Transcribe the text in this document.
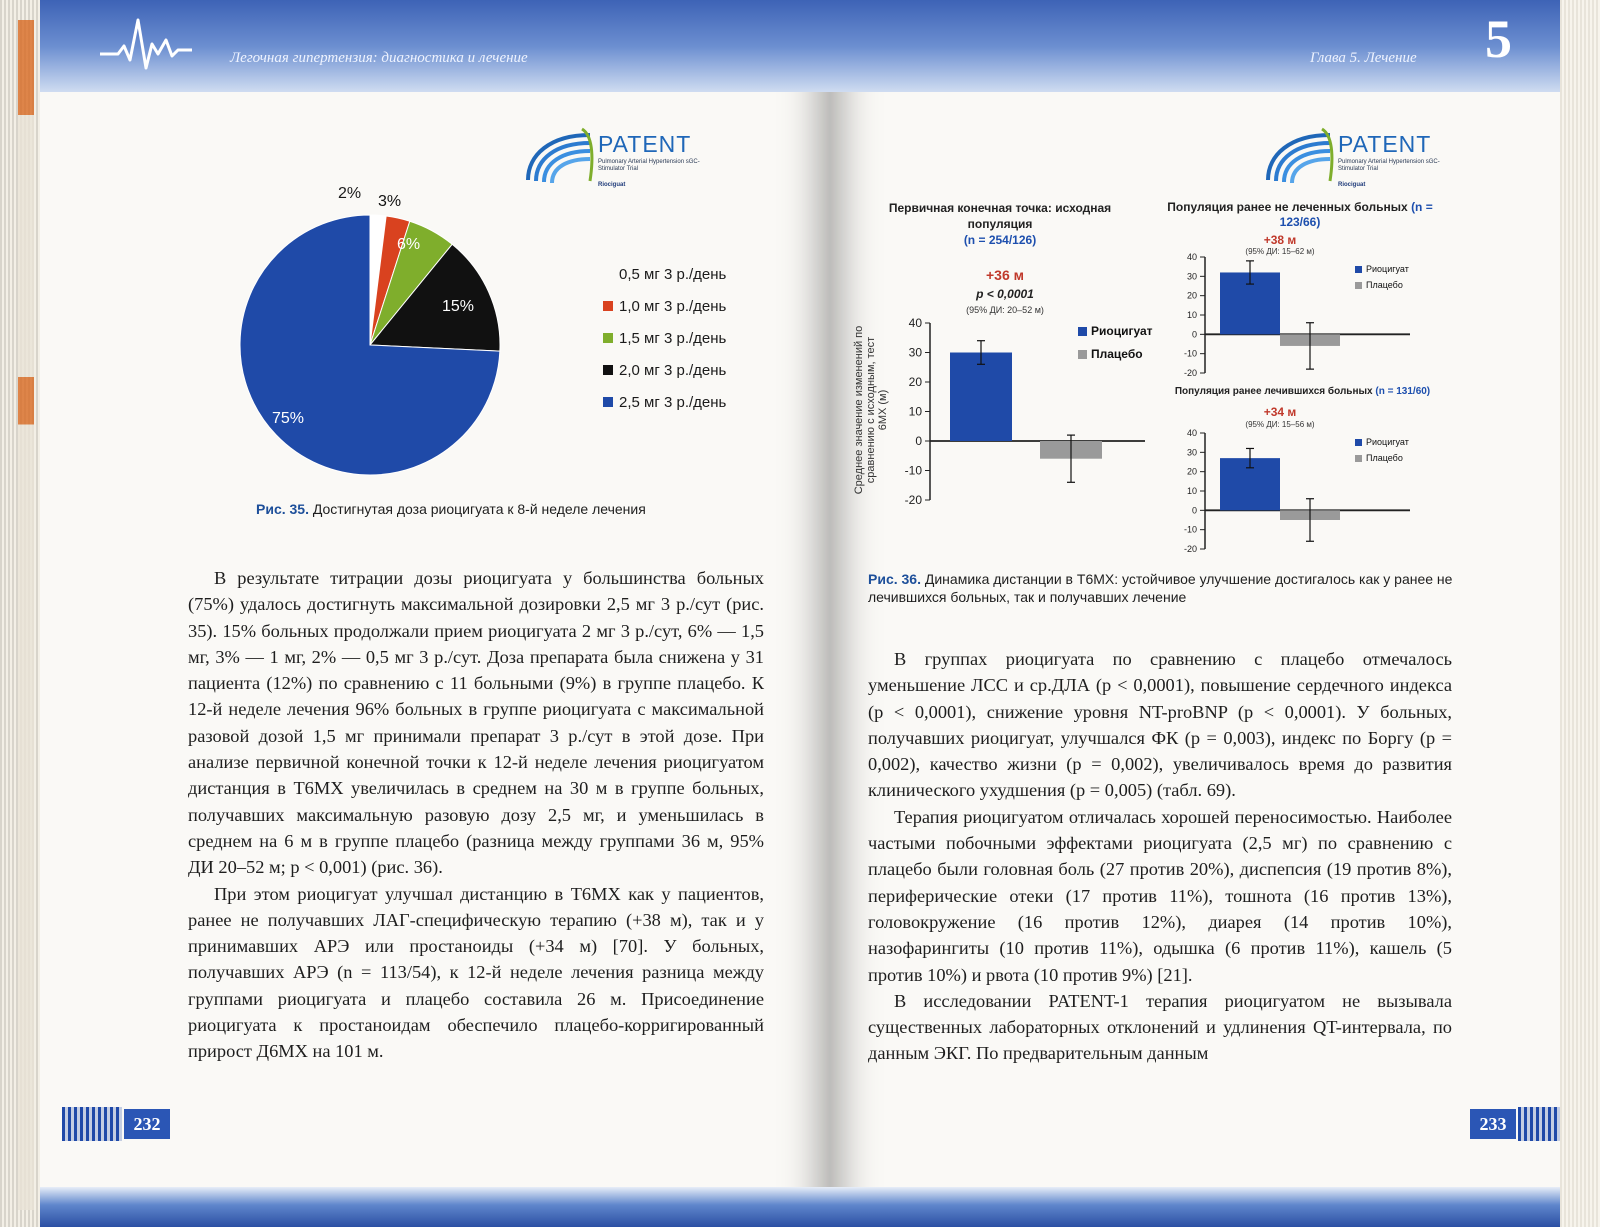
Легочная гипертензия: диагностика и лечение
PATENT
Pulmonary Arterial Hypertension sGC-Stimulator Trial
Riociguat
2% 3%
6%
15%
75%
0,5 мг 3 р./день
1,0 мг 3 р./день
1,5 мг 3 р./день
2,0 мг 3 р./день
2,5 мг 3 р./день
Рис. 35. Достигнутая доза риоцигуата к 8-й неделе лечения

В результате титрации дозы риоцигуата у большинства больных (75%) удалось достигнуть максимальной дозировки 2,5 мг 3 р./сут (рис. 35). 15% больных продолжали прием риоцигуата 2 мг 3 р./сут, 6% — 1,5 мг, 3% — 1 мг, 2% — 0,5 мг 3 р./сут. Доза препарата была снижена у 31 пациента (12%) по сравнению с 11 больными (9%) в группе плацебо. К 12-й неделе лечения 96% больных в группе риоцигуата с максимальной разовой дозой 1,5 мг принимали препарат 3 р./сут в этой дозе. При анализе первичной конечной точки к 12-й неделе лечения риоцигуатом дистанция в Т6МХ увеличилась в среднем на 30 м в группе больных, получавших максимальную разовую дозу 2,5 мг, и уменьшилась в среднем на 6 м в группе плацебо (разница между группами 36 м, 95% ДИ 20–52 м; p < 0,001) (рис. 36).

При этом риоцигуат улучшал дистанцию в Т6МХ как у пациентов, ранее не получавших ЛАГ-специфическую терапию (+38 м), так и у принимавших АРЭ или простаноиды (+34 м) [70]. У больных, получавших АРЭ (n = 113/54), к 12-й неделе лечения разница между группами риоцигуата и плацебо составила 26 м. Присоединение риоцигуата к простаноидам обеспечило плацебо-корригированный прирост Д6МХ на 101 м.

232
Глава 5. Лечение 5
PATENT
Pulmonary Arterial Hypertension sGC-Stimulator Trial
Riociguat
Первичная конечная точка: исходная популяция
(n = 254/126)
+36 м
p < 0,0001
(95% ДИ: 20–52 м)
Среднее значение изменений по сравнению с исходным, тест 6МХ (м)
40
30
20
10
0
-10
-20
Риоцигуат
Плацебо
Популяция ранее не леченных больных (n = 123/66)
+38 м
(95% ДИ: 15–62 м)
40
30
20
10
0
-10
-20
Риоцигуат
Плацебо
Популяция ранее лечившихся больных (n = 131/60)
+34 м
(95% ДИ: 15–56 м)
40
30
20
10
0
-10
-20
Риоцигуат
Плацебо
Рис. 36. Динамика дистанции в Т6МХ: устойчивое улучшение достигалось как у ранее не лечившихся больных, так и получавших лечение

В группах риоцигуата по сравнению с плацебо отмечалось уменьшение ЛСС и ср.ДЛА (p < 0,0001), повышение сердечного индекса (p < 0,0001), снижение уровня NT-proBNP (p < 0,0001). У больных, получавших риоцигуат, улучшался ФК (p = 0,003), индекс по Боргу (p = 0,002), качество жизни (p = 0,002), увеличивалось время до развития клинического ухудшения (p = 0,005) (табл. 69).

Терапия риоцигуатом отличалась хорошей переносимостью. Наиболее частыми побочными эффектами риоцигуата (2,5 мг) по сравнению с плацебо были головная боль (27 против 20%), диспепсия (19 против 8%), периферические отеки (17 против 11%), тошнота (16 против 13%), головокружение (16 против 12%), диарея (14 против 10%), назофарингиты (10 против 11%), одышка (6 против 11%), кашель (5 против 10%) и рвота (10 против 9%) [21].

В исследовании PATENT-1 терапия риоцигуатом не вызывала существенных лабораторных отклонений и удлинения QT-интервала, по данным ЭКГ. По предварительным данным

233
